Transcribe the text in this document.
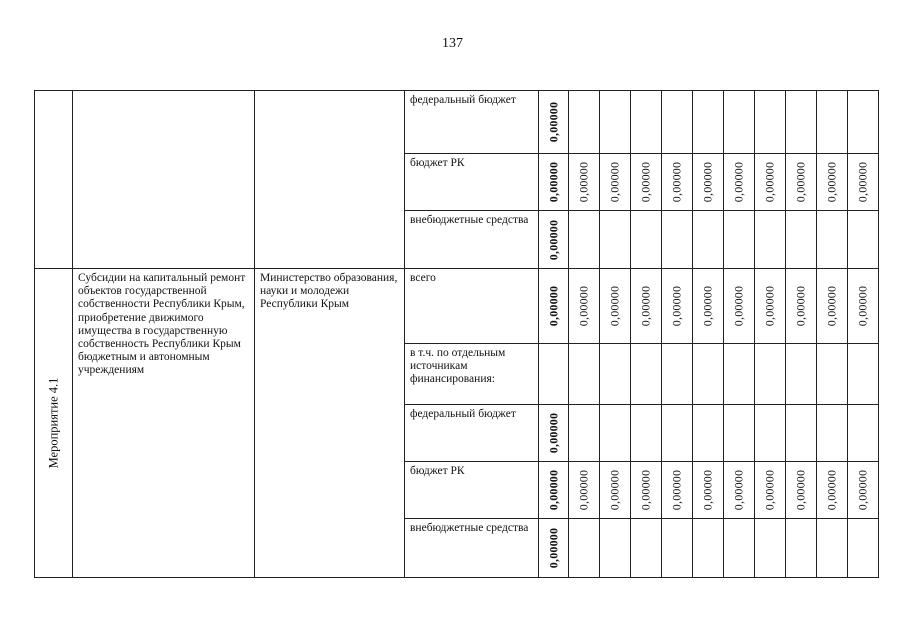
137

			федеральный бюджет	0,00000										

			бюджет РК	0,00000	0,00000	0,00000	0,00000	0,00000	0,00000	0,00000	0,00000	0,00000	0,00000	0,00000

			внебюджетные средства	0,00000										

Мероприятие 4.1	Субсидии на капитальный ремонт объектов государственной собственности Республики Крым, приобретение движимого имущества в государственную собственность Республики Крым бюджетным и автономным учреждениям	Министерство образования, науки и молодежи Республики Крым	всего	0,00000	0,00000	0,00000	0,00000	0,00000	0,00000	0,00000	0,00000	0,00000	0,00000	0,00000

			в т.ч. по отдельным источникам финансирования:											

			федеральный бюджет	0,00000										

			бюджет РК	0,00000	0,00000	0,00000	0,00000	0,00000	0,00000	0,00000	0,00000	0,00000	0,00000	0,00000

			внебюджетные средства	0,00000										
